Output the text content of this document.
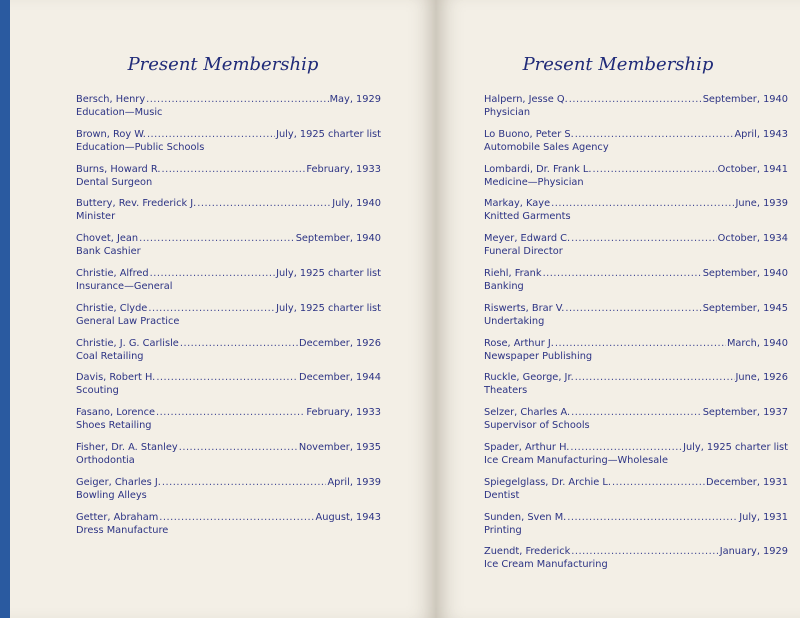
Present Membership
Bersch, Henry .....	May, 1929
Education—Music
Brown, Roy W. .....	July, 1925 charter list
Education—Public Schools
Burns, Howard R. .....	February, 1933
Dental Surgeon
Buttery, Rev. Frederick J. .....	July, 1940
Minister
Chovet, Jean .....	September, 1940
Bank Cashier
Christie, Alfred .....	July, 1925 charter list
Insurance—General
Christie, Clyde .....	July, 1925 charter list
General Law Practice
Christie, J. G. Carlisle .....	December, 1926
Coal Retailing
Davis, Robert H. .....	December, 1944
Scouting
Fasano, Lorence .....	February, 1933
Shoes Retailing
Fisher, Dr. A. Stanley .....	November, 1935
Orthodontia
Geiger, Charles J. .....	April, 1939
Bowling Alleys
Getter, Abraham .....	August, 1943
Dress Manufacture
Present Membership
Halpern, Jesse Q. .....	September, 1940
Physician
Lo Buono, Peter S. .....	April, 1943
Automobile Sales Agency
Lombardi, Dr. Frank L. .....	October, 1941
Medicine—Physician
Markay, Kaye .....	June, 1939
Knitted Garments
Meyer, Edward C. .....	October, 1934
Funeral Director
Riehl, Frank .....	September, 1940
Banking
Riswerts, Brar V. .....	September, 1945
Undertaking
Rose, Arthur J. .....	March, 1940
Newspaper Publishing
Ruckle, George, Jr. .....	June, 1926
Theaters
Selzer, Charles A. .....	September, 1937
Supervisor of Schools
Spader, Arthur H. .....	July, 1925 charter list
Ice Cream Manufacturing—Wholesale
Spiegelglass, Dr. Archie L. .....	December, 1931
Dentist
Sunden, Sven M. .....	July, 1931
Printing
Zuendt, Frederick .....	January, 1929
Ice Cream Manufacturing
